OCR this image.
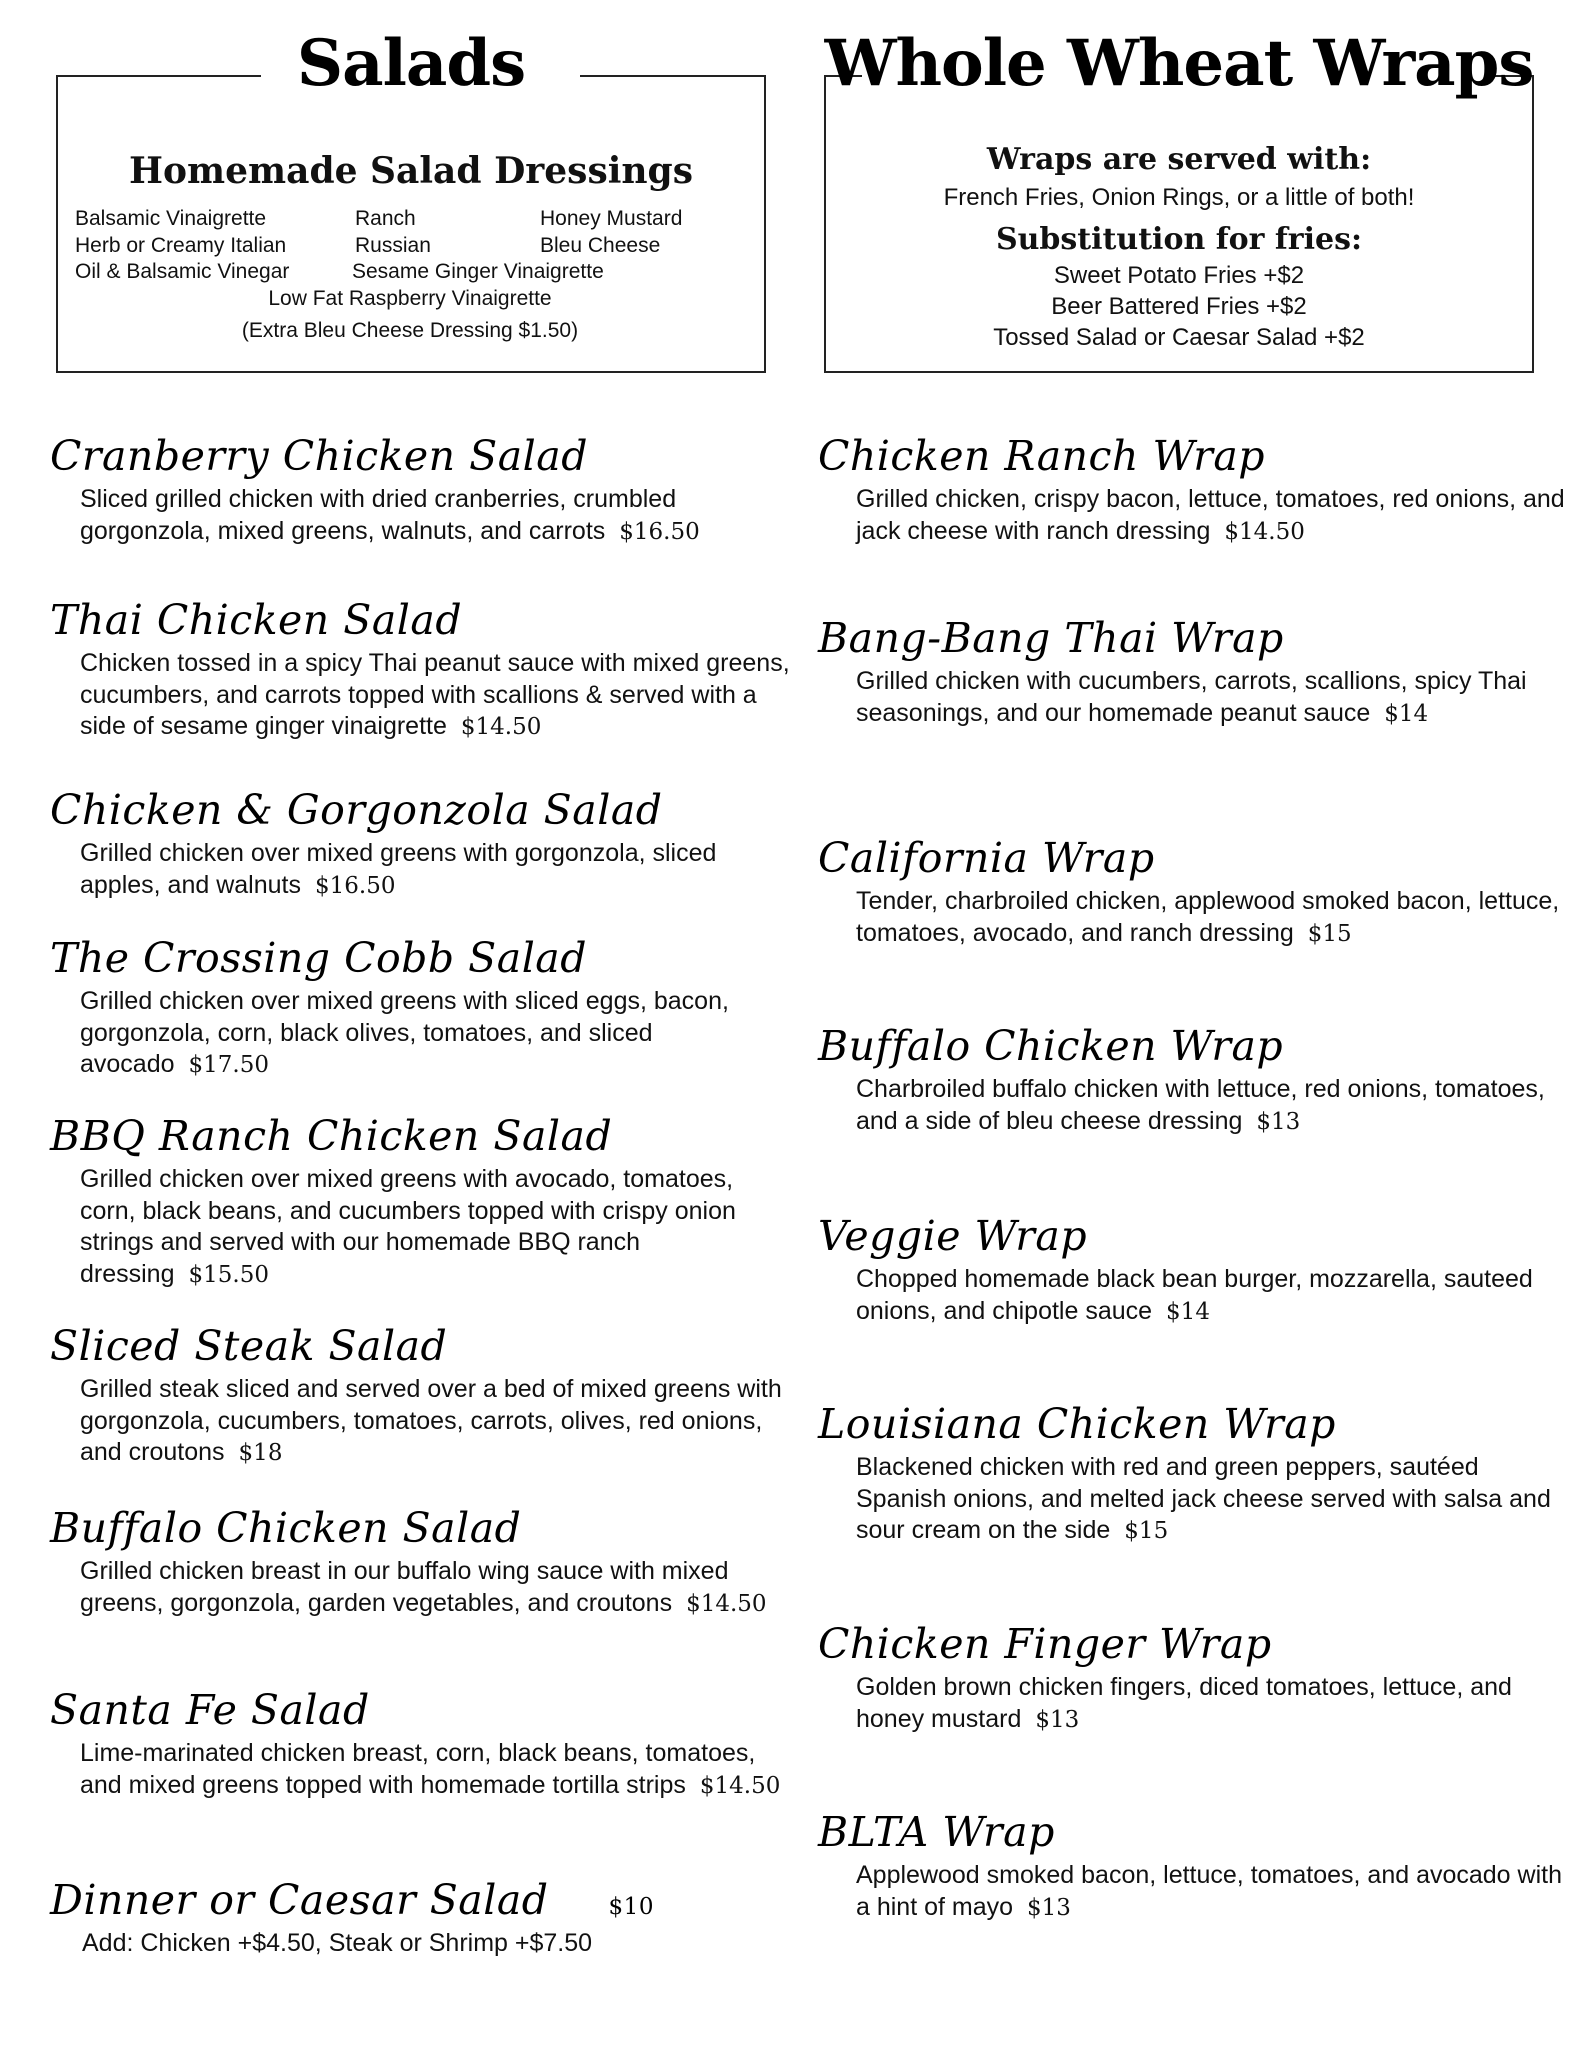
Salads
Homemade Salad Dressings
Balsamic Vinaigrette	Ranch	Honey Mustard
Herb or Creamy Italian	Russian	Bleu Cheese
Oil & Balsamic Vinegar	Sesame Ginger Vinaigrette
Low Fat Raspberry Vinaigrette
(Extra Bleu Cheese Dressing $1.50)
Cranberry Chicken Salad
Sliced grilled chicken with dried cranberries, crumbled gorgonzola, mixed greens, walnuts, and carrots $16.50
Thai Chicken Salad
Chicken tossed in a spicy Thai peanut sauce with mixed greens, cucumbers, and carrots topped with scallions & served with a side of sesame ginger vinaigrette $14.50
Chicken & Gorgonzola Salad
Grilled chicken over mixed greens with gorgonzola, sliced apples, and walnuts $16.50
The Crossing Cobb Salad
Grilled chicken over mixed greens with sliced eggs, bacon, gorgonzola, corn, black olives, tomatoes, and sliced avocado $17.50
BBQ Ranch Chicken Salad
Grilled chicken over mixed greens with avocado, tomatoes, corn, black beans, and cucumbers topped with crispy onion strings and served with our homemade BBQ ranch dressing $15.50
Sliced Steak Salad
Grilled steak sliced and served over a bed of mixed greens with gorgonzola, cucumbers, tomatoes, carrots, olives, red onions, and croutons $18
Buffalo Chicken Salad
Grilled chicken breast in our buffalo wing sauce with mixed greens, gorgonzola, garden vegetables, and croutons $14.50
Santa Fe Salad
Lime-marinated chicken breast, corn, black beans, tomatoes, and mixed greens topped with homemade tortilla strips $14.50
Dinner or Caesar Salad	$10
Add: Chicken +$4.50, Steak or Shrimp +$7.50
Whole Wheat Wraps
Wraps are served with:
French Fries, Onion Rings, or a little of both!
Substitution for fries:
Sweet Potato Fries +$2
Beer Battered Fries +$2
Tossed Salad or Caesar Salad +$2
Chicken Ranch Wrap
Grilled chicken, crispy bacon, lettuce, tomatoes, red onions, and jack cheese with ranch dressing $14.50
Bang-Bang Thai Wrap
Grilled chicken with cucumbers, carrots, scallions, spicy Thai seasonings, and our homemade peanut sauce $14
California Wrap
Tender, charbroiled chicken, applewood smoked bacon, lettuce, tomatoes, avocado, and ranch dressing $15
Buffalo Chicken Wrap
Charbroiled buffalo chicken with lettuce, red onions, tomatoes, and a side of bleu cheese dressing $13
Veggie Wrap
Chopped homemade black bean burger, mozzarella, sauteed onions, and chipotle sauce $14
Louisiana Chicken Wrap
Blackened chicken with red and green peppers, sautéed Spanish onions, and melted jack cheese served with salsa and sour cream on the side $15
Chicken Finger Wrap
Golden brown chicken fingers, diced tomatoes, lettuce, and honey mustard $13
BLTA Wrap
Applewood smoked bacon, lettuce, tomatoes, and avocado with a hint of mayo $13
